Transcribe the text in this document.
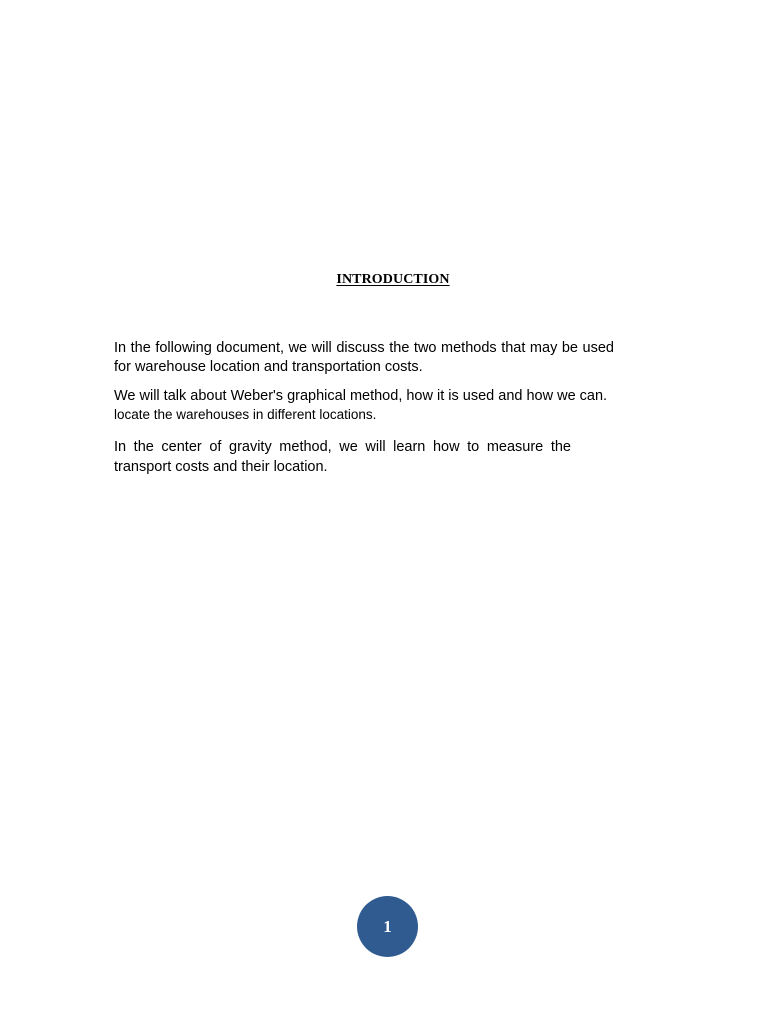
INTRODUCTION

In the following document, we will discuss the two methods that may be used for warehouse location and transportation costs.

We will talk about Weber's graphical method, how it is used and how we can.
locate the warehouses in different locations.

In the center of gravity method, we will learn how to measure the transport costs and their location.

1
